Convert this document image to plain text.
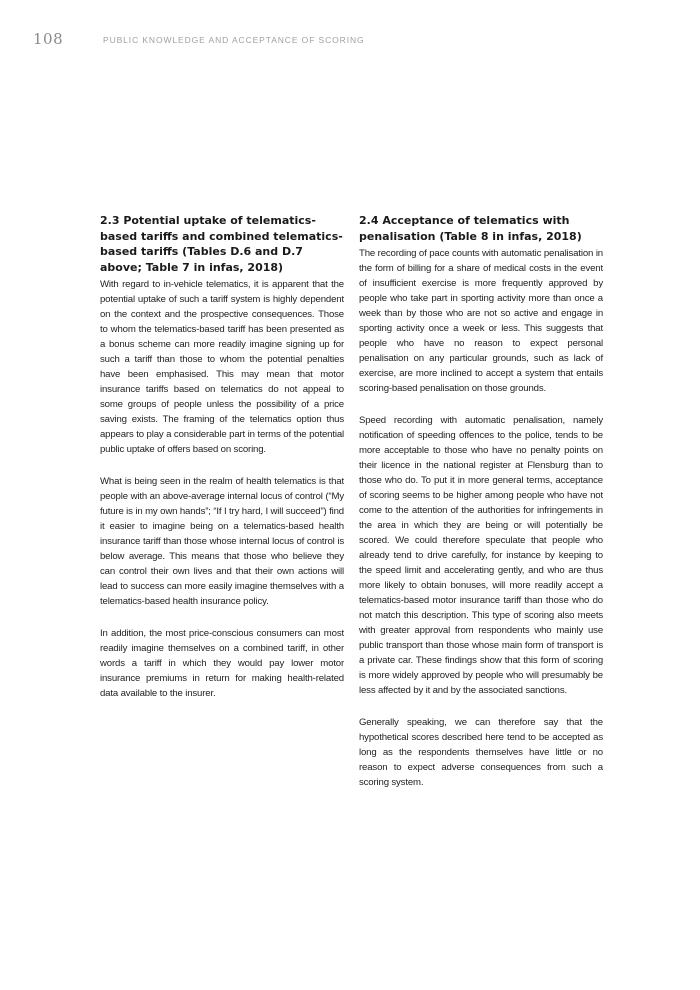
108	PUBLIC KNOWLEDGE AND ACCEPTANCE OF SCORING
2.3 Potential uptake of telematics-based tariffs and combined telematics-based tariffs (Tables D.6 and D.7 above; Table 7 in infas, 2018)

With regard to in-vehicle telematics, it is apparent that the potential uptake of such a tariff system is highly dependent on the context and the prospective consequences. Those to whom the telematics-based tariff has been presented as a bonus scheme can more readily imagine signing up for such a tariff than those to whom the potential penalties have been emphasised. This may mean that motor insurance tariffs based on telematics do not appeal to some groups of people unless the possibility of a price saving exists. The framing of the telematics option thus appears to play a considerable part in terms of the potential public uptake of offers based on scoring.

What is being seen in the realm of health telematics is that people with an above-average internal locus of control (“My future is in my own hands”; “If I try hard, I will succeed”) find it easier to imagine being on a telematics-based health insurance tariff than those whose internal locus of control is below average. This means that those who believe they can control their own lives and that their own actions will lead to success can more easily imagine themselves with a telematics-based health insurance policy.

In addition, the most price-conscious consumers can most readily imagine themselves on a combined tariff, in other words a tariff in which they would pay lower motor insurance premiums in return for making health-related data available to the insurer.

2.4 Acceptance of telematics with penalisation (Table 8 in infas, 2018)

The recording of pace counts with automatic penalisation in the form of billing for a share of medical costs in the event of insufficient exercise is more frequently approved by people who take part in sporting activity more than once a week than by those who are not so active and engage in sporting activity once a week or less. This suggests that people who have no reason to expect personal penalisation on any particular grounds, such as lack of exercise, are more inclined to accept a system that entails scoring-based penalisation on those grounds.

Speed recording with automatic penalisation, namely notification of speeding offences to the police, tends to be more acceptable to those who have no penalty points on their licence in the national register at Flensburg than to those who do. To put it in more general terms, acceptance of scoring seems to be higher among people who have not come to the attention of the authorities for infringements in the area in which they are being or will potentially be scored. We could therefore speculate that people who already tend to drive carefully, for instance by keeping to the speed limit and accelerating gently, and who are thus more likely to obtain bonuses, will more readily accept a telematics-based motor insurance tariff than those who do not match this description. This type of scoring also meets with greater approval from respondents who mainly use public transport than those whose main form of transport is a private car. These findings show that this form of scoring is more widely approved by people who will presumably be less affected by it and by the associated sanctions.

Generally speaking, we can therefore say that the hypothetical scores described here tend to be accepted as long as the respondents themselves have little or no reason to expect adverse consequences from such a scoring system.
